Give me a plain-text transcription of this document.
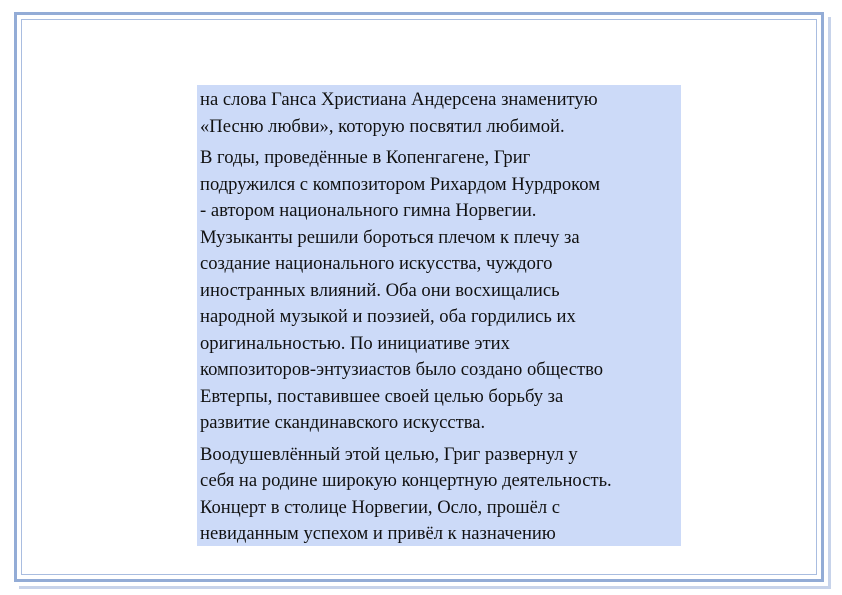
на слова Ганса Христиана Андерсена знаменитую
«Песню любви», которую посвятил любимой.

В годы, проведённые в Копенгагене, Григ
подружился с композитором Рихардом Нурдроком
- автором национального гимна Норвегии.
Музыканты решили бороться плечом к плечу за
создание национального искусства, чуждого
иностранных влияний. Оба они восхищались
народной музыкой и поэзией, оба гордились их
оригинальностью. По инициативе этих
композиторов-энтузиастов было создано общество
Евтерпы, поставившее своей целью борьбу за
развитие скандинавского искусства.

Воодушевлённый этой целью, Григ развернул у
себя на родине широкую концертную деятельность.
Концерт в столице Норвегии, Осло, прошёл с
невиданным успехом и привёл к назначению
